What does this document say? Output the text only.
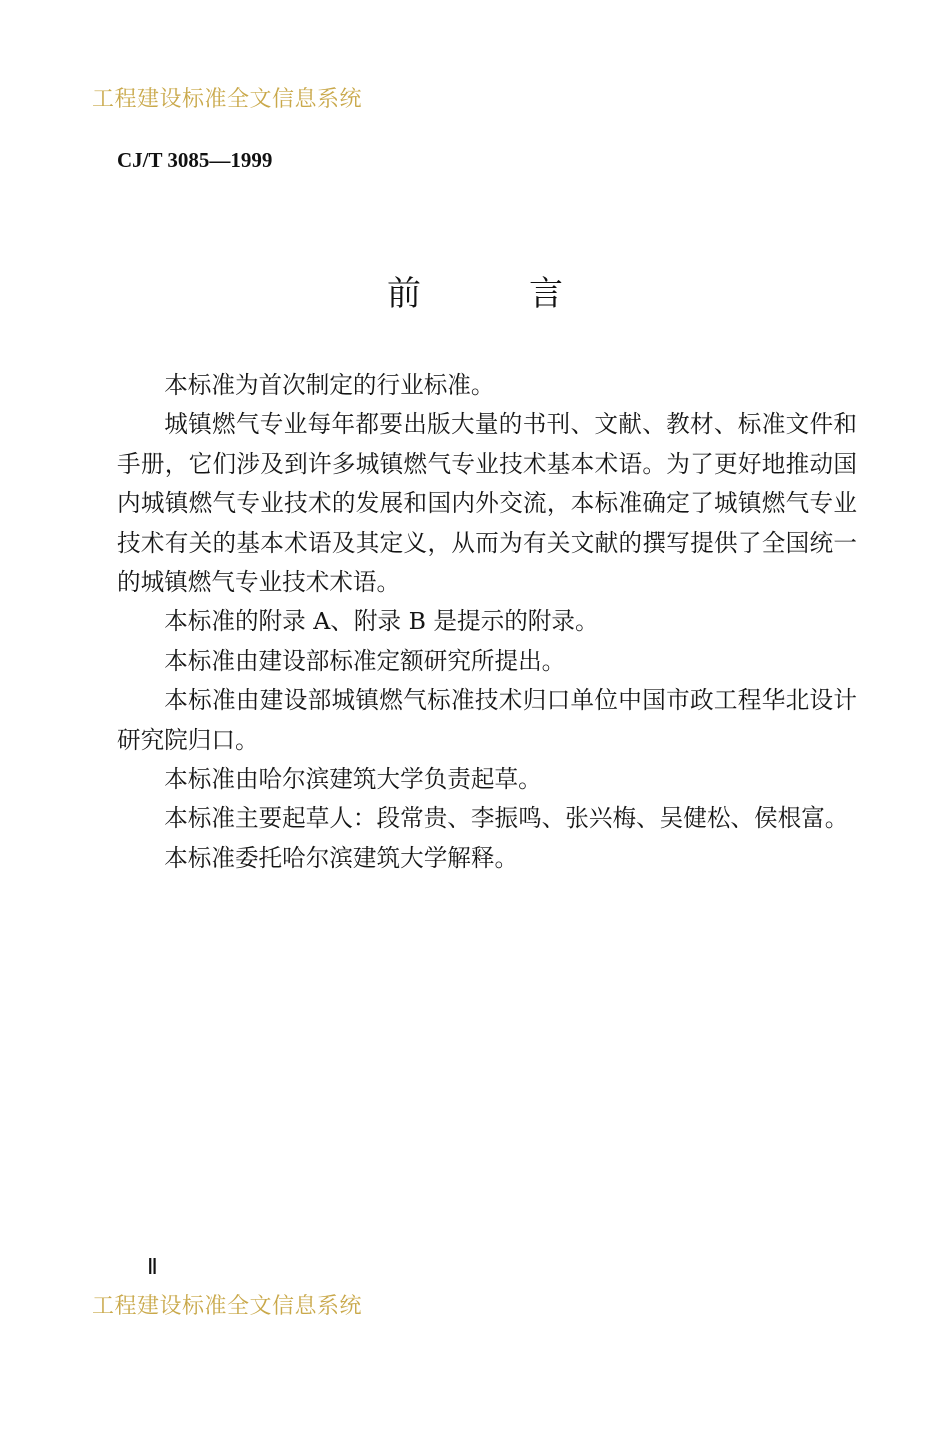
工程建设标准全文信息系统
CJ/T 3085—1999
前	言

本标准为首次制定的行业标准。

城镇燃气专业每年都要出版大量的书刊、文献、教材、标准文件和手册，它们涉及到许多城镇燃气专业技术基本术语。为了更好地推动国内城镇燃气专业技术的发展和国内外交流，本标准确定了城镇燃气专业技术有关的基本术语及其定义，从而为有关文献的撰写提供了全国统一的城镇燃气专业技术术语。

本标准的附录 A、附录 B 是提示的附录。

本标准由建设部标准定额研究所提出。

本标准由建设部城镇燃气标准技术归口单位中国市政工程华北设计研究院归口。

本标准由哈尔滨建筑大学负责起草。

本标准主要起草人：段常贵、李振鸣、张兴梅、吴健松、侯根富。

本标准委托哈尔滨建筑大学解释。

Ⅱ
工程建设标准全文信息系统
